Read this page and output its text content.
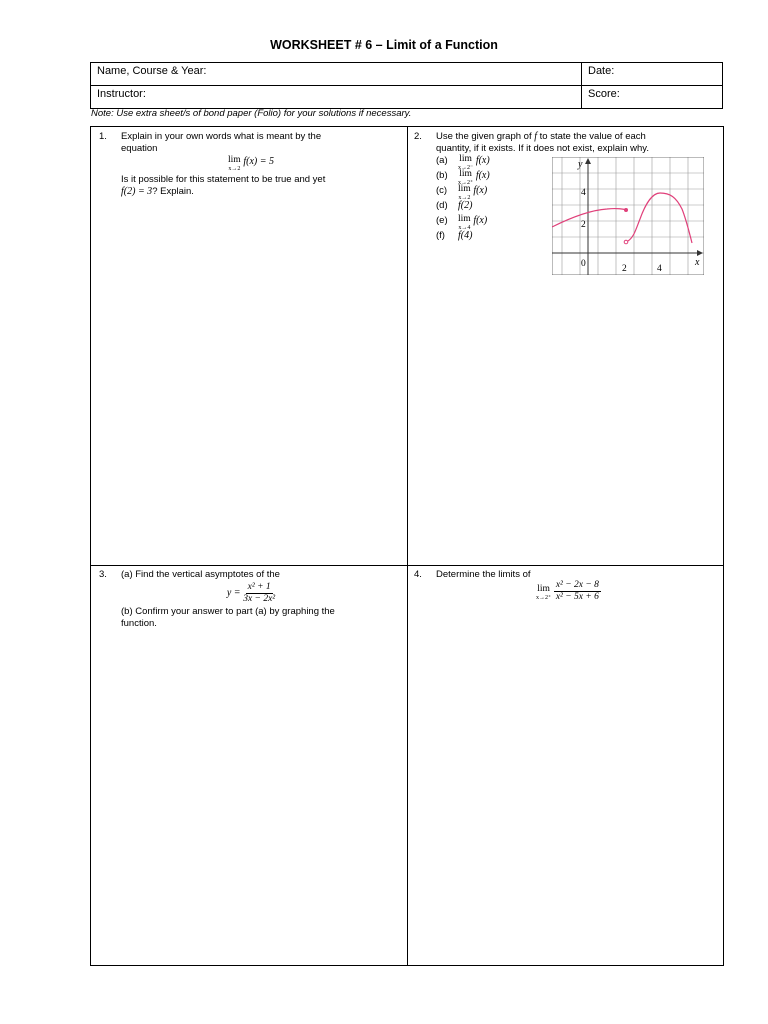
WORKSHEET # 6 – Limit of a Function
Name, Course & Year:	Date:
Instructor:	Score:
Note: Use extra sheet/s of bond paper (Folio) for your solutions if necessary.
1. Explain in your own words what is meant by the
equation
lim
x→2
f(x) = 5
Is it possible for this statement to be true and yet
f(2) = 3? Explain.
2. Use the given graph of f to state the value of each
quantity, if it exists. If it does not exist, explain why.
(a) lim
x→2⁻
f(x)
(b) lim
x→2⁺
f(x)
(c) lim
x→2
f(x)
(d) f(2)
(e) lim
x→4
f(x)
(f) f(4)
y
x
4
2
0	2	4
3. (a) Find the vertical asymptotes of the
$y = \frac{\text{x² + 1}}{\text{3x − 2x²}}$
(b) Confirm your answer to part (a) by graphing the
function.
4. Determine the limits of
lim
x→2⁺
$\frac{\text{x² − 2x − 8}}{\text{x² − 5x + 6}}$
